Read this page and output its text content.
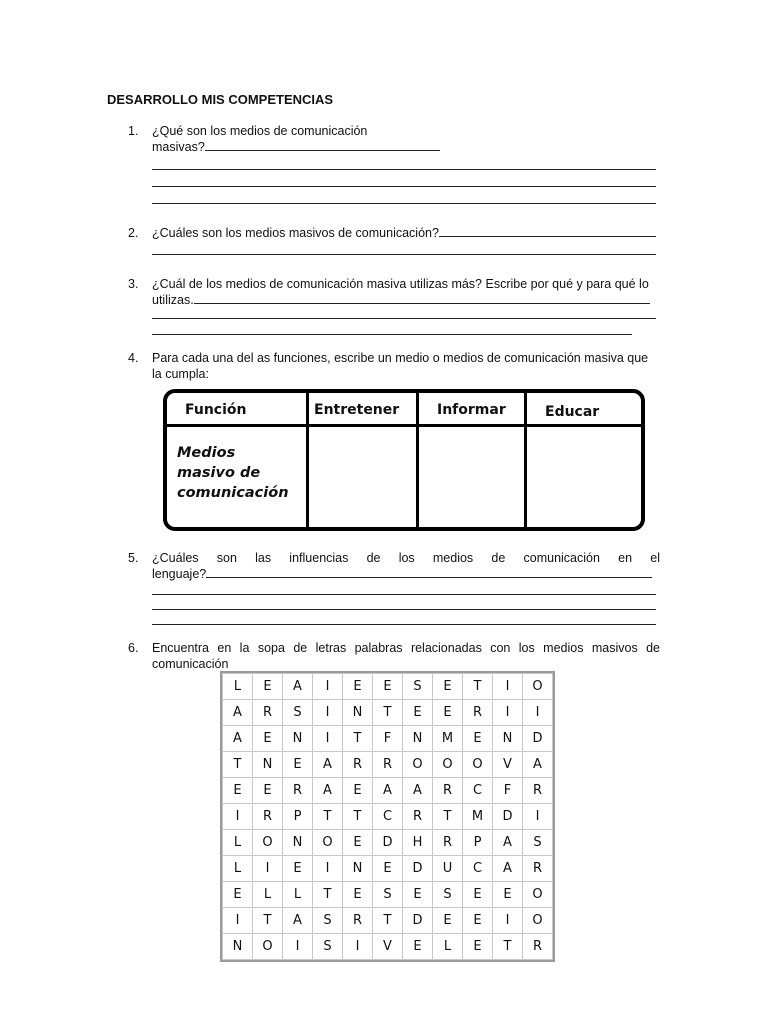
DESARROLLO MIS COMPETENCIAS
1. ¿Qué son los medios de comunicación
masivas?
2. ¿Cuáles son los medios masivos de comunicación?
3. ¿Cuál de los medios de comunicación masiva utilizas más? Escribe por qué y para qué lo
utilizas.
4. Para cada una del as funciones, escribe un medio o medios de comunicación masiva que
la cumpla:
Función	Entretener	Informar	Educar
Medios
masivo de
comunicación
5. ¿Cuáles son las influencias de los medios de comunicación en el
lenguaje?
6. Encuentra en la sopa de letras palabras relacionadas con los medios masivos de
comunicación
L	E	A	I	E	E	S	E	T	I	O
A	R	S	I	N	T	E	E	R	I	I
A	E	N	I	T	F	N	M	E	N	D
T	N	E	A	R	R	O	O	O	V	A
E	E	R	A	E	A	A	R	C	F	R
I	R	P	T	T	C	R	T	M	D	I
L	O	N	O	E	D	H	R	P	A	S
L	I	E	I	N	E	D	U	C	A	R
E	L	L	T	E	S	E	S	E	E	O
I	T	A	S	R	T	D	E	E	I	O
N	O	I	S	I	V	E	L	E	T	R
